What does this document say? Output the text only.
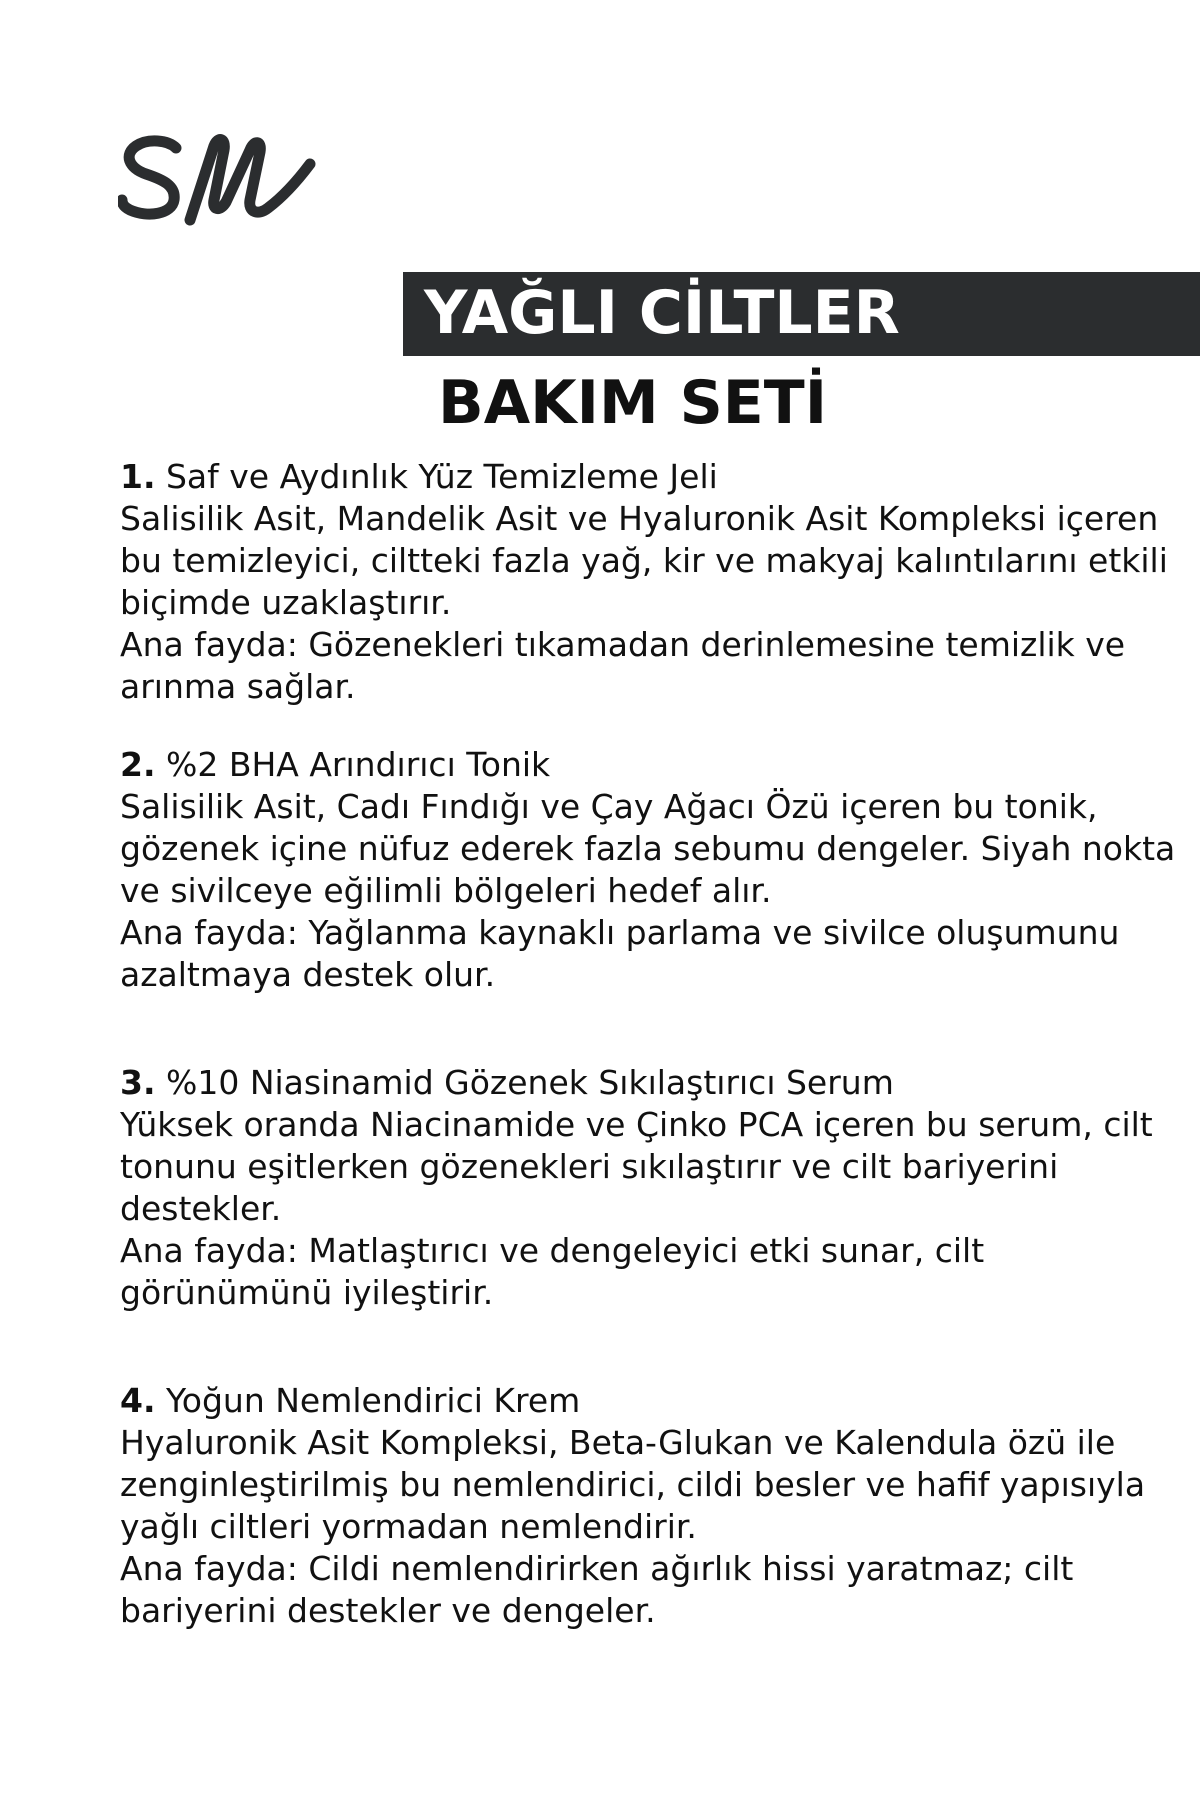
YAĞLI CİLTLER
BAKIM SETİ

1. Saf ve Aydınlık Yüz Temizleme Jeli

Salisilik Asit, Mandelik Asit ve Hyaluronik Asit Kompleksi içeren bu temizleyici, ciltteki fazla yağ, kir ve makyaj kalıntılarını etkili biçimde uzaklaştırır.

Ana fayda: Gözenekleri tıkamadan derinlemesine temizlik ve arınma sağlar.

2. %2 BHA Arındırıcı Tonik

Salisilik Asit, Cadı Fındığı ve Çay Ağacı Özü içeren bu tonik, gözenek içine nüfuz ederek fazla sebumu dengeler. Siyah nokta ve sivilceye eğilimli bölgeleri hedef alır.

Ana fayda: Yağlanma kaynaklı parlama ve sivilce oluşumunu azaltmaya destek olur.

3. %10 Niasinamid Gözenek Sıkılaştırıcı Serum

Yüksek oranda Niacinamide ve Çinko PCA içeren bu serum, cilt tonunu eşitlerken gözenekleri sıkılaştırır ve cilt bariyerini destekler.

Ana fayda: Matlaştırıcı ve dengeleyici etki sunar, cilt görünümünü iyileştirir.

4. Yoğun Nemlendirici Krem

Hyaluronik Asit Kompleksi, Beta-Glukan ve Kalendula özü ile zenginleştirilmiş bu nemlendirici, cildi besler ve hafif yapısıyla yağlı ciltleri yormadan nemlendirir.

Ana fayda: Cildi nemlendirirken ağırlık hissi yaratmaz; cilt bariyerini destekler ve dengeler.
